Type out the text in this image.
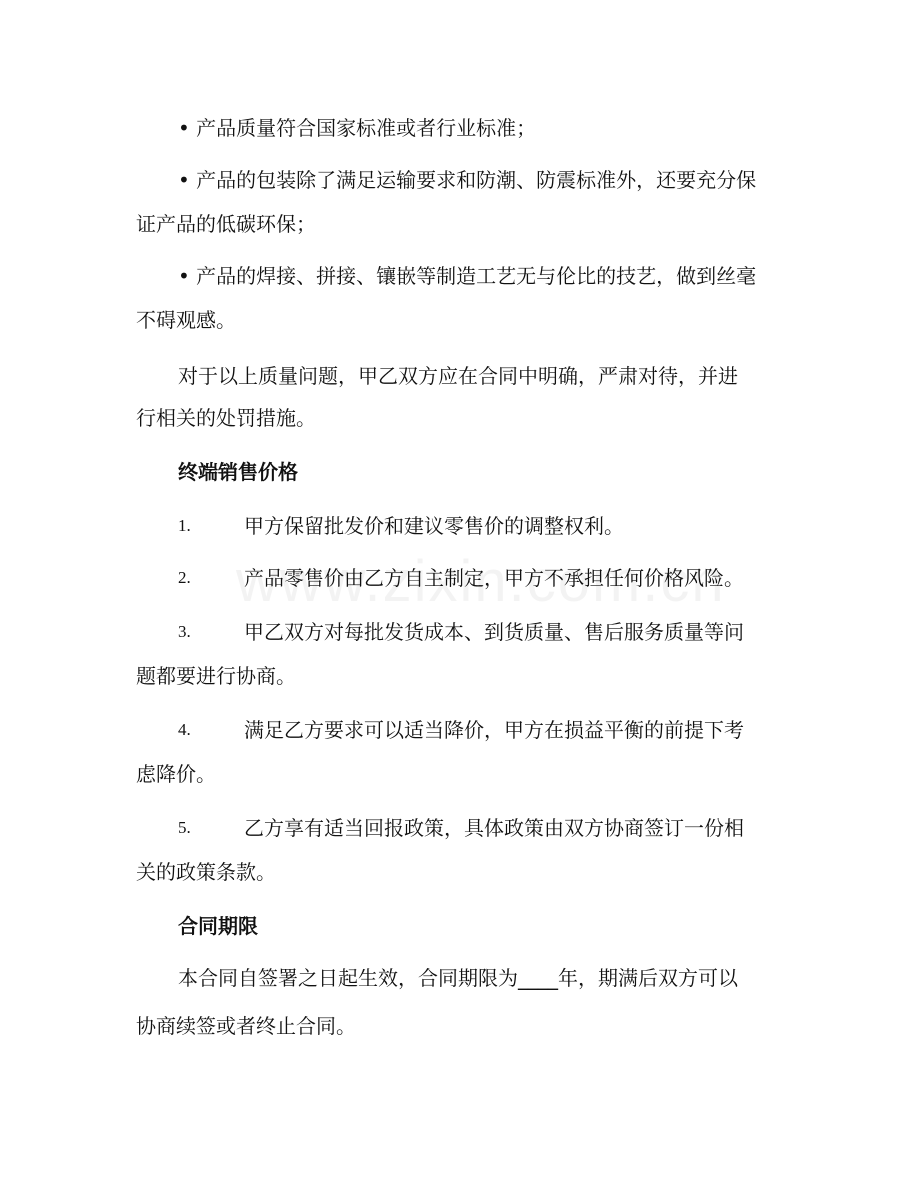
• 产品质量符合国家标准或者行业标准；
• 产品的包装除了满足运输要求和防潮、防震标准外，还要充分保
证产品的低碳环保；
• 产品的焊接、拼接、镶嵌等制造工艺无与伦比的技艺，做到丝毫
不碍观感。
对于以上质量问题，甲乙双方应在合同中明确，严肃对待，并进
行相关的处罚措施。
终端销售价格
1.	甲方保留批发价和建议零售价的调整权利。
2.	产品零售价由乙方自主制定，甲方不承担任何价格风险。
3.	甲乙双方对每批发货成本、到货质量、售后服务质量等问
题都要进行协商。
4.	满足乙方要求可以适当降价，甲方在损益平衡的前提下考
虑降价。
5.	乙方享有适当回报政策，具体政策由双方协商签订一份相
关的政策条款。
合同期限
本合同自签署之日起生效，合同期限为____年，期满后双方可以
协商续签或者终止合同。
